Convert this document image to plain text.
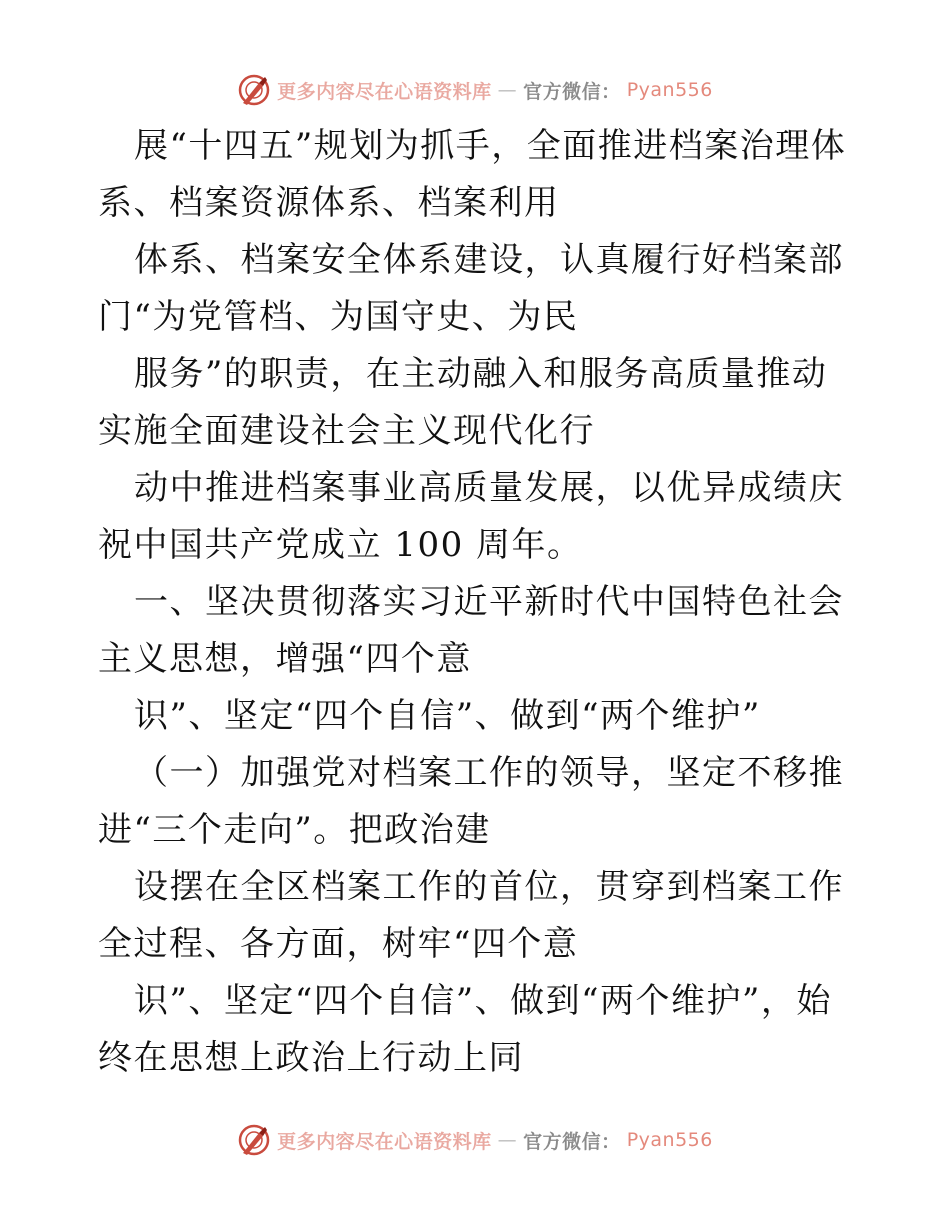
更多内容尽在心语资料库 — 官方微信： Pyan556

展“十四五”规划为抓手，全面推进档案治理体系、档案资源体系、档案利用

体系、档案安全体系建设，认真履行好档案部门“为党管档、为国守史、为民

服务”的职责，在主动融入和服务高质量推动实施全面建设社会主义现代化行

动中推进档案事业高质量发展，以优异成绩庆祝中国共产党成立 100 周年。

一、坚决贯彻落实习近平新时代中国特色社会主义思想，增强“四个意

识”、坚定“四个自信”、做到“两个维护”

（一）加强党对档案工作的领导，坚定不移推进“三个走向”。把政治建

设摆在全区档案工作的首位，贯穿到档案工作全过程、各方面，树牢“四个意

识”、坚定“四个自信”、做到“两个维护”，始终在思想上政治上行动上同

更多内容尽在心语资料库 — 官方微信： Pyan556
